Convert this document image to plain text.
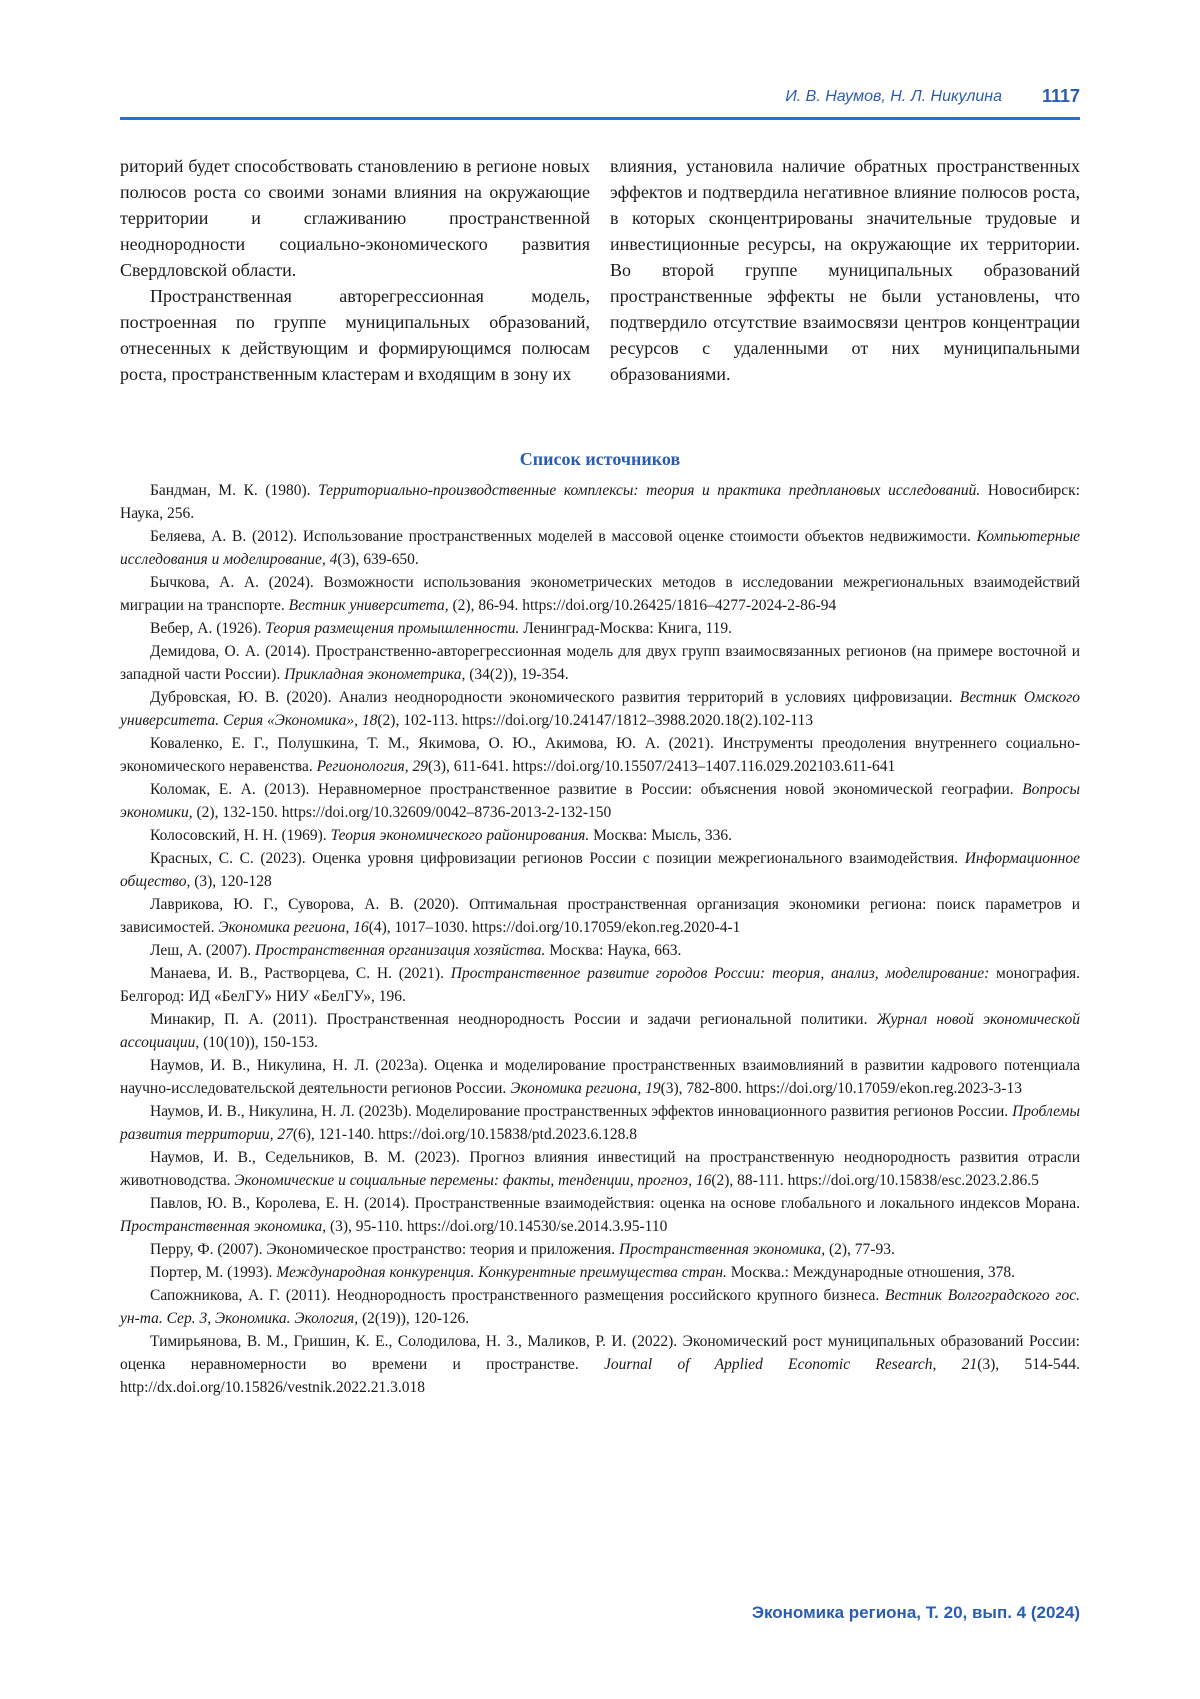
И. В. Наумов, Н. Л. Никулина 1117

риторий будет способствовать становлению в регионе новых полюсов роста со своими зонами влияния на окружающие территории и сглаживанию пространственной неоднородности социально-экономического развития Свердловской области.

Пространственная авторегрессионная модель, построенная по группе муниципальных образований, отнесенных к действующим и формирующимся полюсам роста, пространственным кластерам и входящим в зону их

влияния, установила наличие обратных пространственных эффектов и подтвердила негативное влияние полюсов роста, в которых сконцентрированы значительные трудовые и инвестиционные ресурсы, на окружающие их территории. Во второй группе муниципальных образований пространственные эффекты не были установлены, что подтвердило отсутствие взаимосвязи центров концентрации ресурсов с удаленными от них муниципальными образованиями.

Список источников

Бандман, М. К. (1980). Территориально-производственные комплексы: теория и практика предплановых исследований. Новосибирск: Наука, 256.

Беляева, А. В. (2012). Использование пространственных моделей в массовой оценке стоимости объектов недвижимости. Компьютерные исследования и моделирование, 4(3), 639-650.

Бычкова, А. А. (2024). Возможности использования эконометрических методов в исследовании межрегиональных взаимодействий миграции на транспорте. Вестник университета, (2), 86-94. https://doi.org/10.26425/1816–4277-2024-2-86-94

Вебер, А. (1926). Теория размещения промышленности. Ленинград-Москва: Книга, 119.

Демидова, О. А. (2014). Пространственно-авторегрессионная модель для двух групп взаимосвязанных регионов (на примере восточной и западной части России). Прикладная эконометрика, (34(2)), 19-354.

Дубровская, Ю. В. (2020). Анализ неоднородности экономического развития территорий в условиях цифровизации. Вестник Омского университета. Серия «Экономика», 18(2), 102-113. https://doi.org/10.24147/1812–3988.2020.18(2).102-113

Коваленко, Е. Г., Полушкина, Т. М., Якимова, О. Ю., Акимова, Ю. А. (2021). Инструменты преодоления внутреннего социально-экономического неравенства. Регионология, 29(3), 611-641. https://doi.org/10.15507/2413–1407.116.029.202103.611-641

Коломак, Е. А. (2013). Неравномерное пространственное развитие в России: объяснения новой экономической географии. Вопросы экономики, (2), 132-150. https://doi.org/10.32609/0042–8736-2013-2-132-150

Колосовский, Н. Н. (1969). Теория экономического районирования. Москва: Мысль, 336.

Красных, С. С. (2023). Оценка уровня цифровизации регионов России с позиции межрегионального взаимодействия. Информационное общество, (3), 120-128

Лаврикова, Ю. Г., Суворова, А. В. (2020). Оптимальная пространственная организация экономики региона: поиск параметров и зависимостей. Экономика региона, 16(4), 1017–1030. https://doi.org/10.17059/ekon.reg.2020-4-1

Леш, А. (2007). Пространственная организация хозяйства. Москва: Наука, 663.

Манаева, И. В., Растворцева, С. Н. (2021). Пространственное развитие городов России: теория, анализ, моделирование: монография. Белгород: ИД «БелГУ» НИУ «БелГУ», 196.

Минакир, П. А. (2011). Пространственная неоднородность России и задачи региональной политики. Журнал новой экономической ассоциации, (10(10)), 150-153.

Наумов, И. В., Никулина, Н. Л. (2023a). Оценка и моделирование пространственных взаимовлияний в развитии кадрового потенциала научно-исследовательской деятельности регионов России. Экономика региона, 19(3), 782-800. https://doi.org/10.17059/ekon.reg.2023-3-13

Наумов, И. В., Никулина, Н. Л. (2023b). Моделирование пространственных эффектов инновационного развития регионов России. Проблемы развития территории, 27(6), 121-140. https://doi.org/10.15838/ptd.2023.6.128.8

Наумов, И. В., Седельников, В. М. (2023). Прогноз влияния инвестиций на пространственную неоднородность развития отрасли животноводства. Экономические и социальные перемены: факты, тенденции, прогноз, 16(2), 88-111. https://doi.org/10.15838/esc.2023.2.86.5

Павлов, Ю. В., Королева, Е. Н. (2014). Пространственные взаимодействия: оценка на основе глобального и локального индексов Морана. Пространственная экономика, (3), 95-110. https://doi.org/10.14530/se.2014.3.95-110

Перру, Ф. (2007). Экономическое пространство: теория и приложения. Пространственная экономика, (2), 77-93.

Портер, М. (1993). Международная конкуренция. Конкурентные преимущества стран. Москва.: Международные отношения, 378.

Сапожникова, А. Г. (2011). Неоднородность пространственного размещения российского крупного бизнеса. Вестник Волгоградского гос. ун-та. Сер. 3, Экономика. Экология, (2(19)), 120-126.

Тимирьянова, В. М., Гришин, К. Е., Солодилова, Н. З., Маликов, Р. И. (2022). Экономический рост муниципальных образований России: оценка неравномерности во времени и пространстве. Journal of Applied Economic Research, 21(3), 514-544. http://dx.doi.org/10.15826/vestnik.2022.21.3.018

Экономика региона, Т. 20, вып. 4 (2024)
